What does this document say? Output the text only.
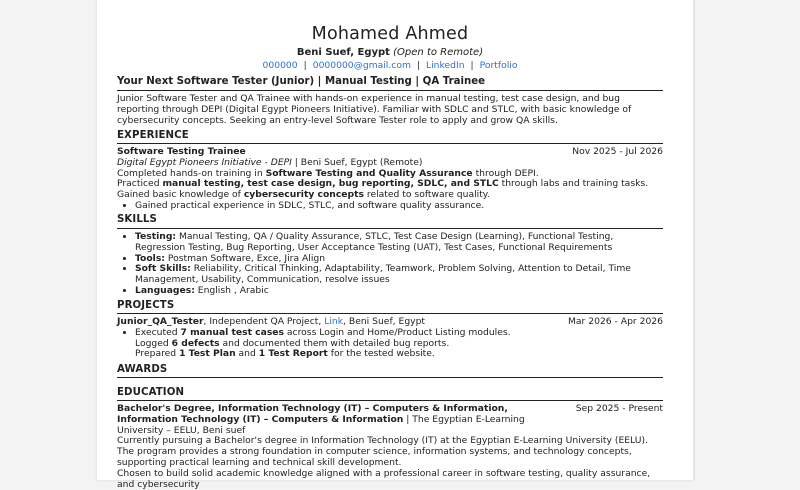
Mohamed Ahmed
Beni Suef, Egypt (Open to Remote)
000000 | 0000000@gmail.com | LinkedIn | Portfolio
Your Next Software Tester (Junior) | Manual Testing | QA Trainee
Junior Software Tester and QA Trainee with hands-on experience in manual testing, test case design, and bug reporting through DEPI (Digital Egypt Pioneers Initiative). Familiar with SDLC and STLC, with basic knowledge of cybersecurity concepts. Seeking an entry-level Software Tester role to apply and grow QA skills.
EXPERIENCE
Software Testing Trainee	Nov 2025 - Jul 2026

Digital Egypt Pioneers Initiative - DEPI | Beni Suef, Egypt (Remote)

Completed hands-on training in Software Testing and Quality Assurance through DEPI.

Practiced manual testing, test case design, bug reporting, SDLC, and STLC through labs and training tasks.

Gained basic knowledge of cybersecurity concepts related to software quality.

• Gained practical experience in SDLC, STLC, and software quality assurance.
SKILLS
• Testing: Manual Testing, QA / Quality Assurance, STLC, Test Case Design (Learning), Functional Testing, Regression Testing, Bug Reporting, User Acceptance Testing (UAT), Test Cases, Functional Requirements
• Tools: Postman Software, Exce, Jira Align
• Soft Skills: Reliability, Critical Thinking, Adaptability, Teamwork, Problem Solving, Attention to Detail, Time Management, Usability, Communication, resolve issues
• Languages: English , Arabic
PROJECTS
Junior_QA_Tester, Independent QA Project, Link, Beni Suef, Egypt	Mar 2026 - Apr 2026
• Executed 7 manual test cases across Login and Home/Product Listing modules.

Logged 6 defects and documented them with detailed bug reports.

Prepared 1 Test Plan and 1 Test Report for the tested website.

AWARDS
EDUCATION
Bachelor's Degree, Information Technology (IT) – Computers & Information, Information Technology (IT) – Computers & Information | The Egyptian E-Learning University – EELU, Beni suef
Sep 2025 - Present

Currently pursuing a Bachelor's degree in Information Technology (IT) at the Egyptian E-Learning University (EELU).

The program provides a strong foundation in computer science, information systems, and technology concepts, supporting practical learning and technical skill development.

Chosen to build solid academic knowledge aligned with a professional career in software testing, quality assurance, and cybersecurity
